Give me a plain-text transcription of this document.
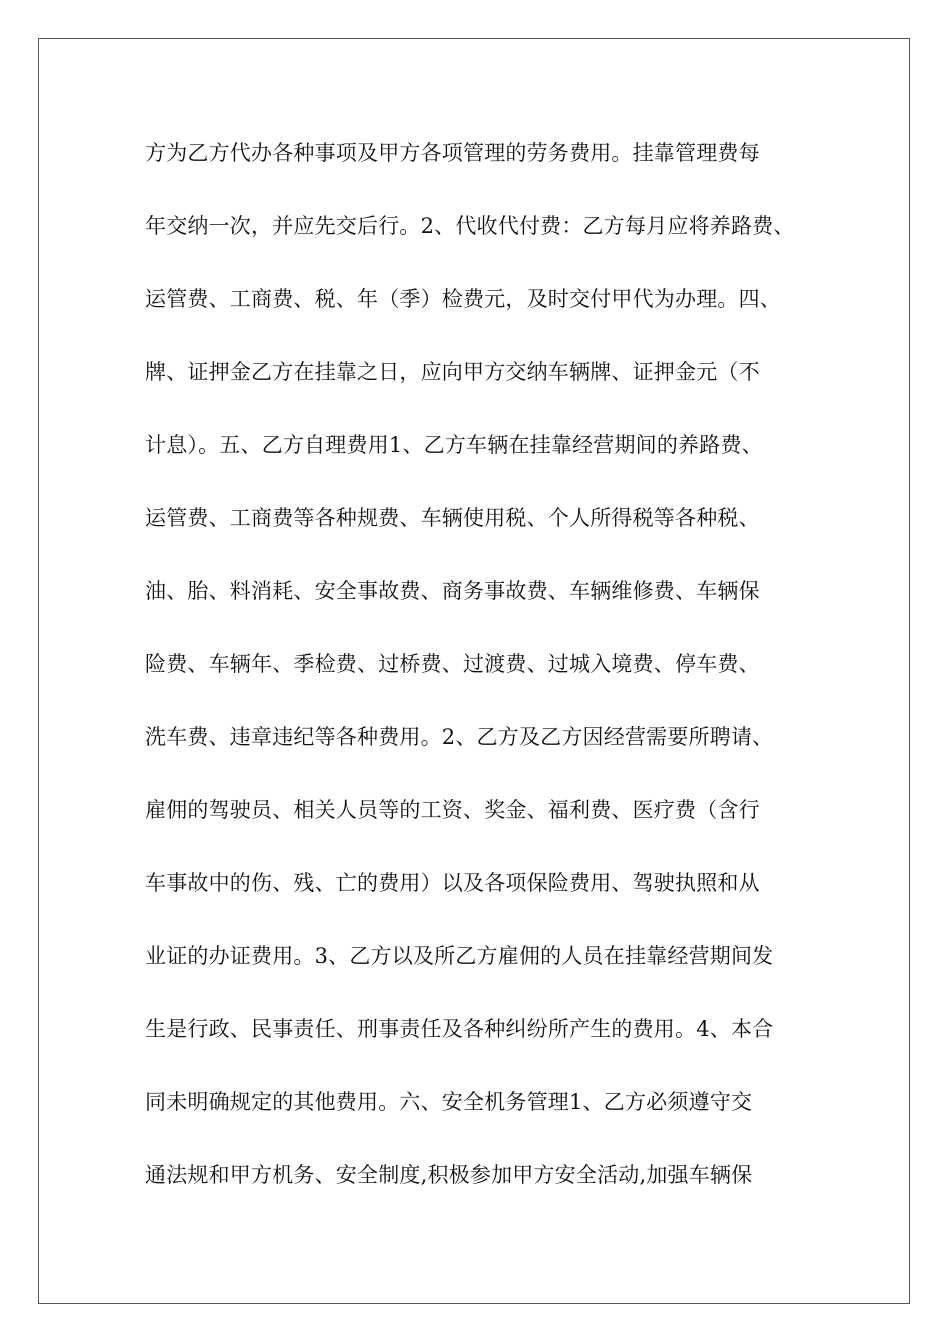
方为乙方代办各种事项及甲方各项管理的劳务费用。挂靠管理费每
年交纳一次，并应先交后行。2、代收代付费：乙方每月应将养路费、
运管费、工商费、税、年（季）检费元，及时交付甲代为办理。四、
牌、证押金乙方在挂靠之日，应向甲方交纳车辆牌、证押金元（不
计息）。五、乙方自理费用1、乙方车辆在挂靠经营期间的养路费、
运管费、工商费等各种规费、车辆使用税、个人所得税等各种税、
油、胎、料消耗、安全事故费、商务事故费、车辆维修费、车辆保
险费、车辆年、季检费、过桥费、过渡费、过城入境费、停车费、
洗车费、违章违纪等各种费用。2、乙方及乙方因经营需要所聘请、
雇佣的驾驶员、相关人员等的工资、奖金、福利费、医疗费（含行
车事故中的伤、残、亡的费用）以及各项保险费用、驾驶执照和从
业证的办证费用。3、乙方以及所乙方雇佣的人员在挂靠经营期间发
生是行政、民事责任、刑事责任及各种纠纷所产生的费用。4、本合
同未明确规定的其他费用。六、安全机务管理1、乙方必须遵守交
通法规和甲方机务、安全制度,积极参加甲方安全活动,加强车辆保
